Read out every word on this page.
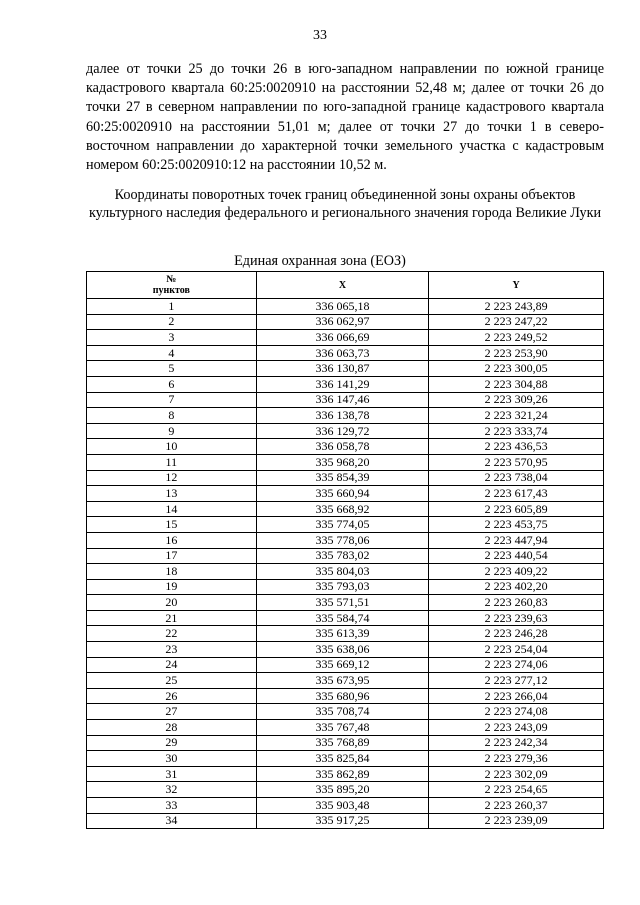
33
далее от точки 25 до точки 26 в юго-западном направлении по южной границе кадастрового квартала 60:25:0020910 на расстоянии 52,48 м; далее от точки 26 до точки 27 в северном направлении по юго-западной границе кадастрового квартала 60:25:0020910 на расстоянии 51,01 м; далее от точки 27 до точки 1 в северо-восточном направлении до характерной точки земельного участка с кадастровым номером 60:25:0020910:12 на расстоянии 10,52 м.
Координаты поворотных точек границ объединенной зоны охраны объектов культурного наследия федерального и регионального значения города Великие Луки
Единая охранная зона (ЕОЗ)
№
пунктов	X	Y
1	336 065,18	2 223 243,89
2	336 062,97	2 223 247,22
3	336 066,69	2 223 249,52
4	336 063,73	2 223 253,90
5	336 130,87	2 223 300,05
6	336 141,29	2 223 304,88
7	336 147,46	2 223 309,26
8	336 138,78	2 223 321,24
9	336 129,72	2 223 333,74
10	336 058,78	2 223 436,53
11	335 968,20	2 223 570,95
12	335 854,39	2 223 738,04
13	335 660,94	2 223 617,43
14	335 668,92	2 223 605,89
15	335 774,05	2 223 453,75
16	335 778,06	2 223 447,94
17	335 783,02	2 223 440,54
18	335 804,03	2 223 409,22
19	335 793,03	2 223 402,20
20	335 571,51	2 223 260,83
21	335 584,74	2 223 239,63
22	335 613,39	2 223 246,28
23	335 638,06	2 223 254,04
24	335 669,12	2 223 274,06
25	335 673,95	2 223 277,12
26	335 680,96	2 223 266,04
27	335 708,74	2 223 274,08
28	335 767,48	2 223 243,09
29	335 768,89	2 223 242,34
30	335 825,84	2 223 279,36
31	335 862,89	2 223 302,09
32	335 895,20	2 223 254,65
33	335 903,48	2 223 260,37
34	335 917,25	2 223 239,09
